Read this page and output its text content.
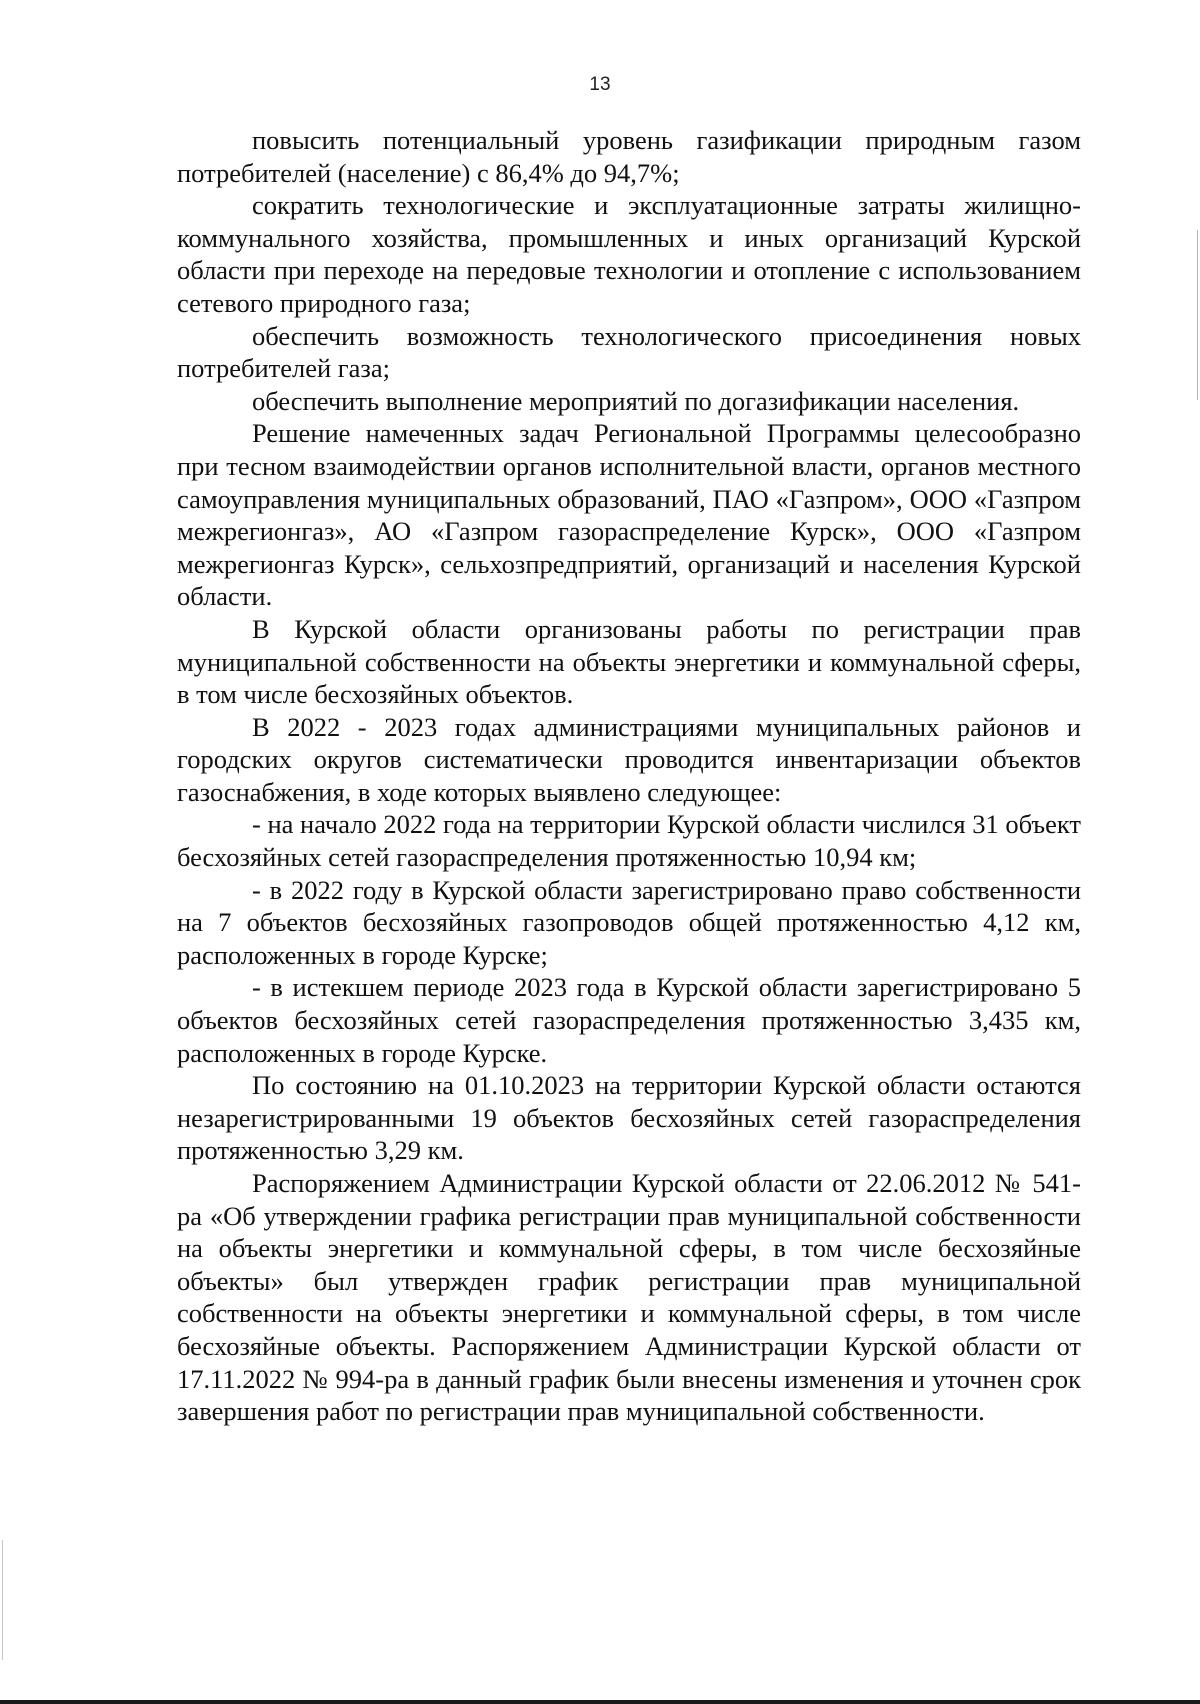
13

повысить потенциальный уровень газификации природным газом потребителей (население) с 86,4% до 94,7%;

сократить технологические и эксплуатационные затраты жилищно-коммунального хозяйства, промышленных и иных организаций Курской области при переходе на передовые технологии и отопление с использованием сетевого природного газа;

обеспечить возможность технологического присоединения новых потребителей газа;

обеспечить выполнение мероприятий по догазификации населения.

Решение намеченных задач Региональной Программы целесообразно при тесном взаимодействии органов исполнительной власти, органов местного самоуправления муниципальных образований, ПАО «Газпром», ООО «Газпром межрегионгаз», АО «Газпром газораспределение Курск», ООО «Газпром межрегионгаз Курск», сельхозпредприятий, организаций и населения Курской области.

В Курской области организованы работы по регистрации прав муниципальной собственности на объекты энергетики и коммунальной сферы, в том числе бесхозяйных объектов.

В 2022 - 2023 годах администрациями муниципальных районов и городских округов систематически проводится инвентаризации объектов газоснабжения, в ходе которых выявлено следующее:

- на начало 2022 года на территории Курской области числился 31 объект бесхозяйных сетей газораспределения протяженностью 10,94 км;

- в 2022 году в Курской области зарегистрировано право собственности на 7 объектов бесхозяйных газопроводов общей протяженностью 4,12 км, расположенных в городе Курске;

- в истекшем периоде 2023 года в Курской области зарегистрировано 5 объектов бесхозяйных сетей газораспределения протяженностью 3,435 км, расположенных в городе Курске.

По состоянию на 01.10.2023 на территории Курской области остаются незарегистрированными 19 объектов бесхозяйных сетей газораспределения протяженностью 3,29 км.

Распоряжением Администрации Курской области от 22.06.2012 № 541-ра «Об утверждении графика регистрации прав муниципальной собственности на объекты энергетики и коммунальной сферы, в том числе бесхозяйные объекты» был утвержден график регистрации прав муниципальной собственности на объекты энергетики и коммунальной сферы, в том числе бесхозяйные объекты. Распоряжением Администрации Курской области от 17.11.2022 № 994-ра в данный график были внесены изменения и уточнен срок завершения работ по регистрации прав муниципальной собственности.
